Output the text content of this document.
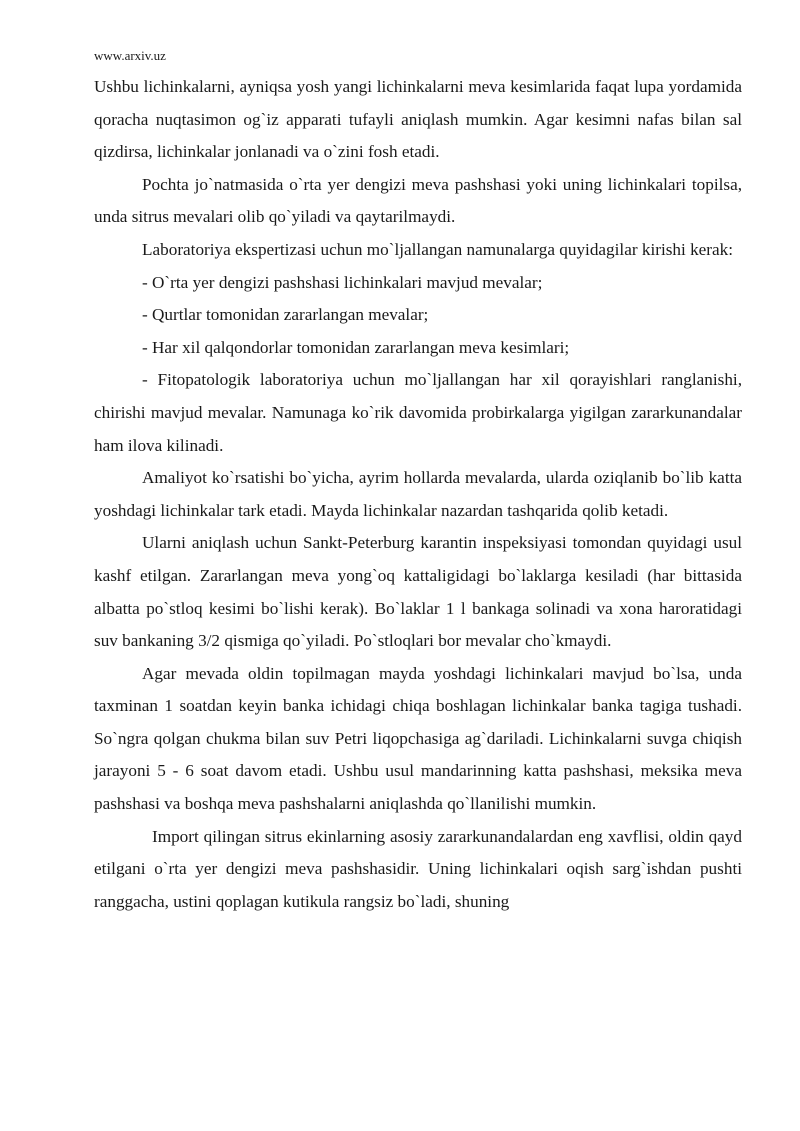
www.arxiv.uz

Ushbu lichinkalarni, ayniqsa yosh yangi lichinkalarni meva kesimlarida faqat lupa yordamida qoracha nuqtasimon og`iz apparati tufayli aniqlash mumkin. Agar kesimni nafas bilan sal qizdirsa, lichinkalar jonlanadi va o`zini fosh etadi.

Pochta jo`natmasida o`rta yer dengizi meva pashshasi yoki uning lichinkalari topilsa, unda sitrus mevalari olib qo`yiladi va qaytarilmaydi.

Laboratoriya ekspertizasi uchun mo`ljallangan namunalarga quyidagilar kirishi kerak:

- O`rta yer dengizi pashshasi lichinkalari mavjud mevalar;

- Qurtlar tomonidan zararlangan mevalar;

- Har xil qalqondorlar tomonidan zararlangan meva kesimlari;

- Fitopatologik laboratoriya uchun mo`ljallangan har xil qorayishlari ranglanishi, chirishi mavjud mevalar. Namunaga ko`rik davomida probirkalarga yigilgan zararkunandalar ham ilova kilinadi.

Amaliyot ko`rsatishi bo`yicha, ayrim hollarda mevalarda, ularda oziqlanib bo`lib katta yoshdagi lichinkalar tark etadi. Mayda lichinkalar nazardan tashqarida qolib ketadi.

Ularni aniqlash uchun Sankt-Peterburg karantin inspeksiyasi tomondan quyidagi usul kashf etilgan. Zararlangan meva yong`oq kattaligidagi bo`laklarga kesiladi (har bittasida albatta po`stloq kesimi bo`lishi kerak). Bo`laklar 1 l bankaga solinadi va xona haroratidagi suv bankaning 3/2 qismiga qo`yiladi. Po`stloqlari bor mevalar cho`kmaydi.

Agar mevada oldin topilmagan mayda yoshdagi lichinkalari mavjud bo`lsa, unda taxminan 1 soatdan keyin banka ichidagi chiqa boshlagan lichinkalar banka tagiga tushadi. So`ngra qolgan chukma bilan suv Petri liqopchasiga ag`dariladi. Lichinkalarni suvga chiqish jarayoni 5 - 6 soat davom etadi. Ushbu usul mandarinning katta pashshasi, meksika meva pashshasi va boshqa meva pashshalarni aniqlashda qo`llanilishi mumkin.

Import qilingan sitrus ekinlarning asosiy zararkunandalardan eng xavflisi, oldin qayd etilgani o`rta yer dengizi meva pashshasidir. Uning lichinkalari oqish sarg`ishdan pushti ranggacha, ustini qoplagan kutikula rangsiz bo`ladi, shuning
